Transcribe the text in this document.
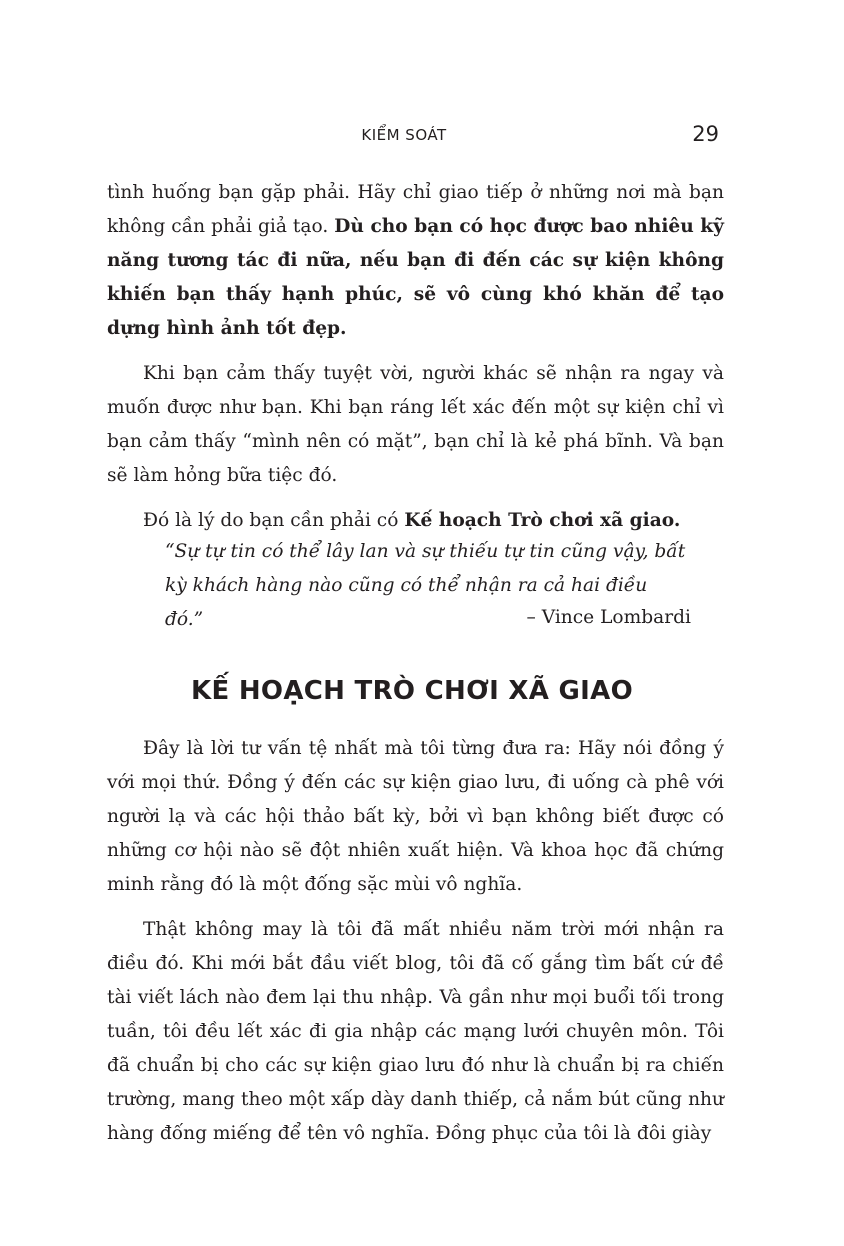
KIỂM SOÁT	29

tình huống bạn gặp phải. Hãy chỉ giao tiếp ở những nơi mà bạn không cần phải giả tạo. Dù cho bạn có học được bao nhiêu kỹ năng tương tác đi nữa, nếu bạn đi đến các sự kiện không khiến bạn thấy hạnh phúc, sẽ vô cùng khó khăn để tạo dựng hình ảnh tốt đẹp.

Khi bạn cảm thấy tuyệt vời, người khác sẽ nhận ra ngay và muốn được như bạn. Khi bạn ráng lết xác đến một sự kiện chỉ vì bạn cảm thấy “mình nên có mặt”, bạn chỉ là kẻ phá bĩnh. Và bạn sẽ làm hỏng bữa tiệc đó.

Đó là lý do bạn cần phải có Kế hoạch Trò chơi xã giao.

“Sự tự tin có thể lây lan và sự thiếu tự tin cũng vậy, bất kỳ khách hàng nào cũng có thể nhận ra cả hai điều đó.”	– Vince Lombardi
KẾ HOẠCH TRÒ CHƠI XÃ GIAO

Đây là lời tư vấn tệ nhất mà tôi từng đưa ra: Hãy nói đồng ý với mọi thứ. Đồng ý đến các sự kiện giao lưu, đi uống cà phê với người lạ và các hội thảo bất kỳ, bởi vì bạn không biết được có những cơ hội nào sẽ đột nhiên xuất hiện. Và khoa học đã chứng minh rằng đó là một đống sặc mùi vô nghĩa.

Thật không may là tôi đã mất nhiều năm trời mới nhận ra điều đó. Khi mới bắt đầu viết blog, tôi đã cố gắng tìm bất cứ đề tài viết lách nào đem lại thu nhập. Và gần như mọi buổi tối trong tuần, tôi đều lết xác đi gia nhập các mạng lưới chuyên môn. Tôi đã chuẩn bị cho các sự kiện giao lưu đó như là chuẩn bị ra chiến trường, mang theo một xấp dày danh thiếp, cả nắm bút cũng như hàng đống miếng để tên vô nghĩa. Đồng phục của tôi là đôi giày
